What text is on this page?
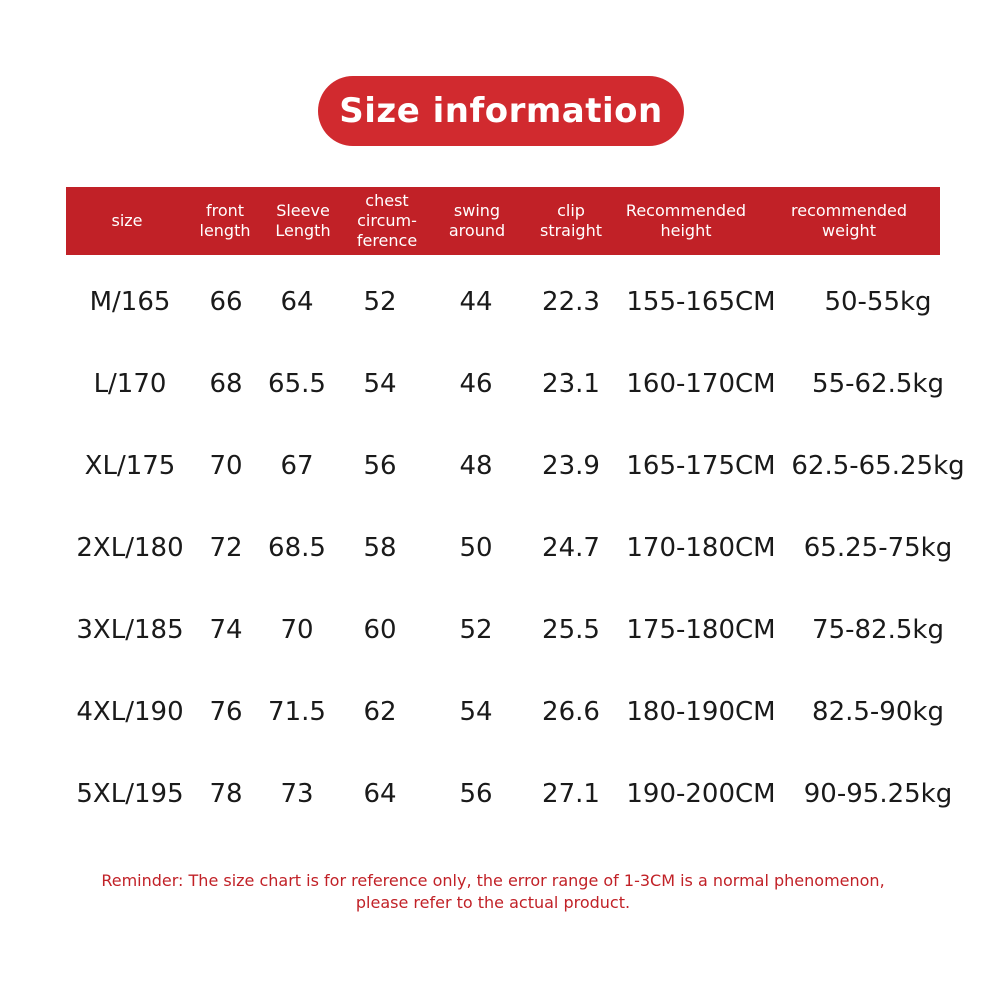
Size information
size
front
length
Sleeve
Length
chest
circum-
ference
swing
around
clip
straight
Recommended
height
recommended
weight
M/165 66 64 52 44 22.3 155-165CM 50-55kg
L/170 68 65.5 54 46 23.1 160-170CM 55-62.5kg
XL/175 70 67 56 48 23.9 165-175CM 62.5-65.25kg
2XL/180 72 68.5 58 50 24.7 170-180CM 65.25-75kg
3XL/185 74 70 60 52 25.5 175-180CM 75-82.5kg
4XL/190 76 71.5 62 54 26.6 180-190CM 82.5-90kg
5XL/195 78 73 64 56 27.1 190-200CM 90-95.25kg
Reminder: The size chart is for reference only, the error range of 1-3CM is a normal phenomenon, please refer to the actual product.
